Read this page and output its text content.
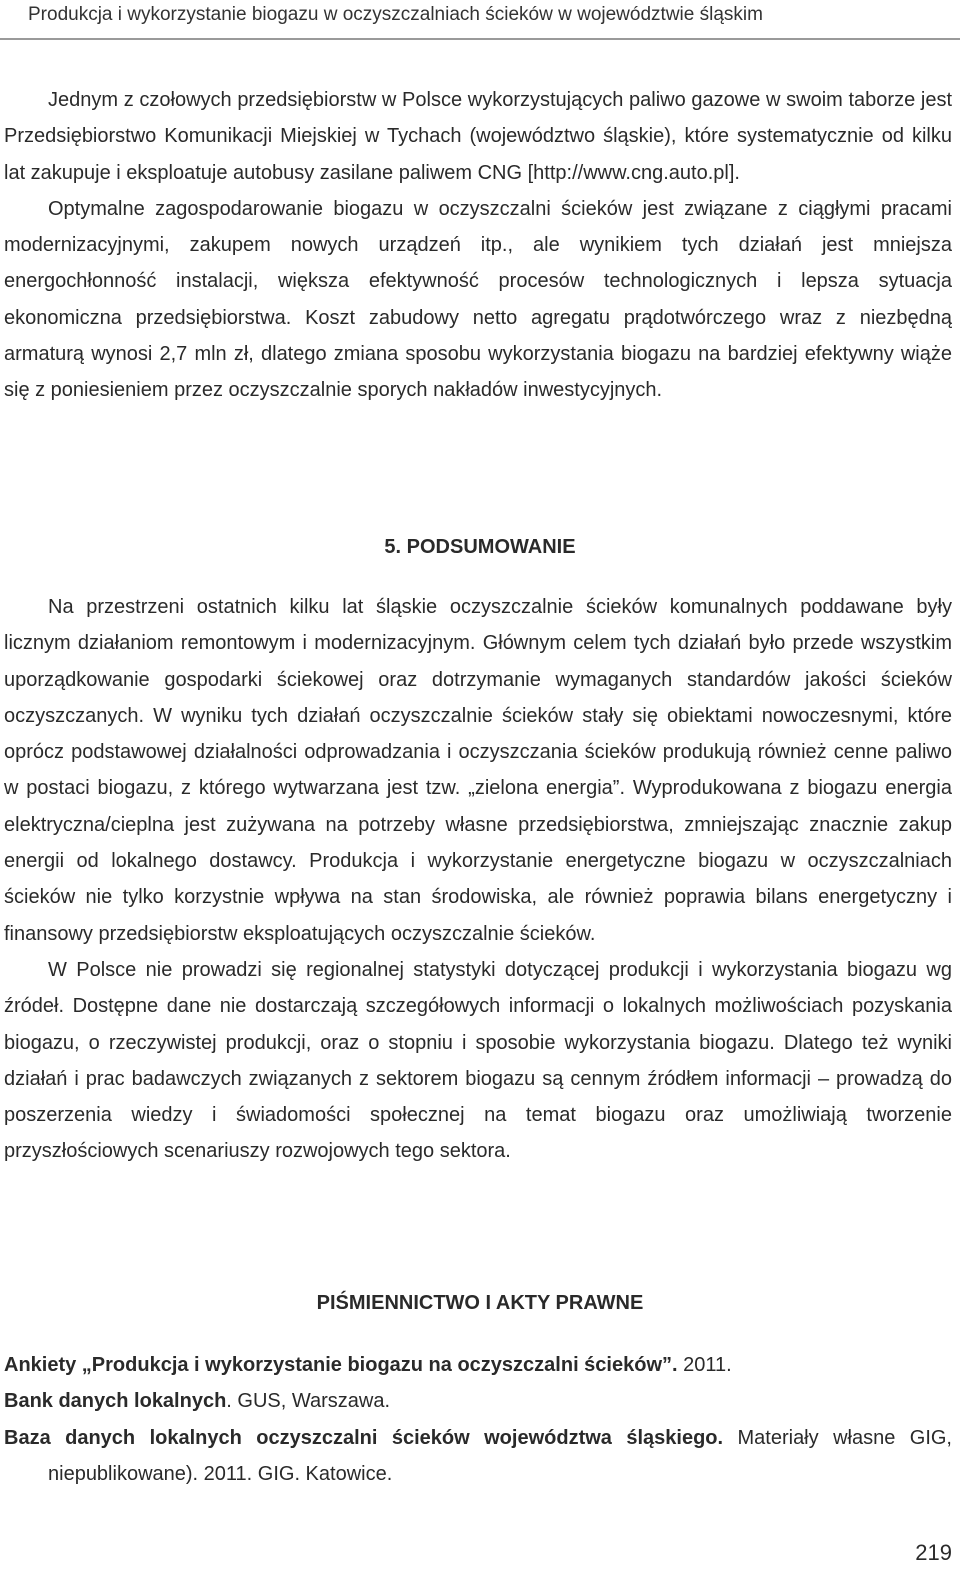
Produkcja i wykorzystanie biogazu w oczyszczalniach ścieków w województwie śląskim

Jednym z czołowych przedsiębiorstw w Polsce wykorzystujących paliwo gazowe w swoim taborze jest Przedsiębiorstwo Komunikacji Miejskiej w Tychach (województwo śląskie), które systematycznie od kilku lat zakupuje i eksploatuje autobusy zasilane paliwem CNG [http://www.cng.auto.pl].

Optymalne zagospodarowanie biogazu w oczyszczalni ścieków jest związane z ciągłymi pracami modernizacyjnymi, zakupem nowych urządzeń itp., ale wynikiem tych działań jest mniejsza energochłonność instalacji, większa efektywność procesów technologicznych i lepsza sytuacja ekonomiczna przedsiębiorstwa. Koszt zabudowy netto agregatu prądotwórczego wraz z niezbędną armaturą wynosi 2,7 mln zł, dlatego zmiana sposobu wykorzystania biogazu na bardziej efektywny wiąże się z poniesieniem przez oczyszczalnie sporych nakładów inwestycyjnych.

5. PODSUMOWANIE

Na przestrzeni ostatnich kilku lat śląskie oczyszczalnie ścieków komunalnych poddawane były licznym działaniom remontowym i modernizacyjnym. Głównym celem tych działań było przede wszystkim uporządkowanie gospodarki ściekowej oraz dotrzymanie wymaganych standardów jakości ścieków oczyszczanych. W wyniku tych działań oczyszczalnie ścieków stały się obiektami nowoczesnymi, które oprócz podstawowej działalności odprowadzania i oczyszczania ścieków produkują również cenne paliwo w postaci biogazu, z którego wytwarzana jest tzw. „zielona energia”. Wyprodukowana z biogazu energia elektryczna/cieplna jest zużywana na potrzeby własne przedsiębiorstwa, zmniejszając znacznie zakup energii od lokalnego dostawcy. Produkcja i wykorzystanie energetyczne biogazu w oczyszczalniach ścieków nie tylko korzystnie wpływa na stan środowiska, ale również poprawia bilans energetyczny i finansowy przedsiębiorstw eksploatujących oczyszczalnie ścieków.

W Polsce nie prowadzi się regionalnej statystyki dotyczącej produkcji i wykorzystania biogazu wg źródeł. Dostępne dane nie dostarczają szczegółowych informacji o lokalnych możliwościach pozyskania biogazu, o rzeczywistej produkcji, oraz o stopniu i sposobie wykorzystania biogazu. Dlatego też wyniki działań i prac badawczych związanych z sektorem biogazu są cennym źródłem informacji – prowadzą do poszerzenia wiedzy i świadomości społecznej na temat biogazu oraz umożliwiają tworzenie przyszłościowych scenariuszy rozwojowych tego sektora.

PIŚMIENNICTWO I AKTY PRAWNE
Ankiety „Produkcja i wykorzystanie biogazu na oczyszczalni ścieków”. 2011.
Bank danych lokalnych. GUS, Warszawa.
Baza danych lokalnych oczyszczalni ścieków województwa śląskiego. Materiały własne GIG, niepublikowane). 2011. GIG. Katowice.
219
